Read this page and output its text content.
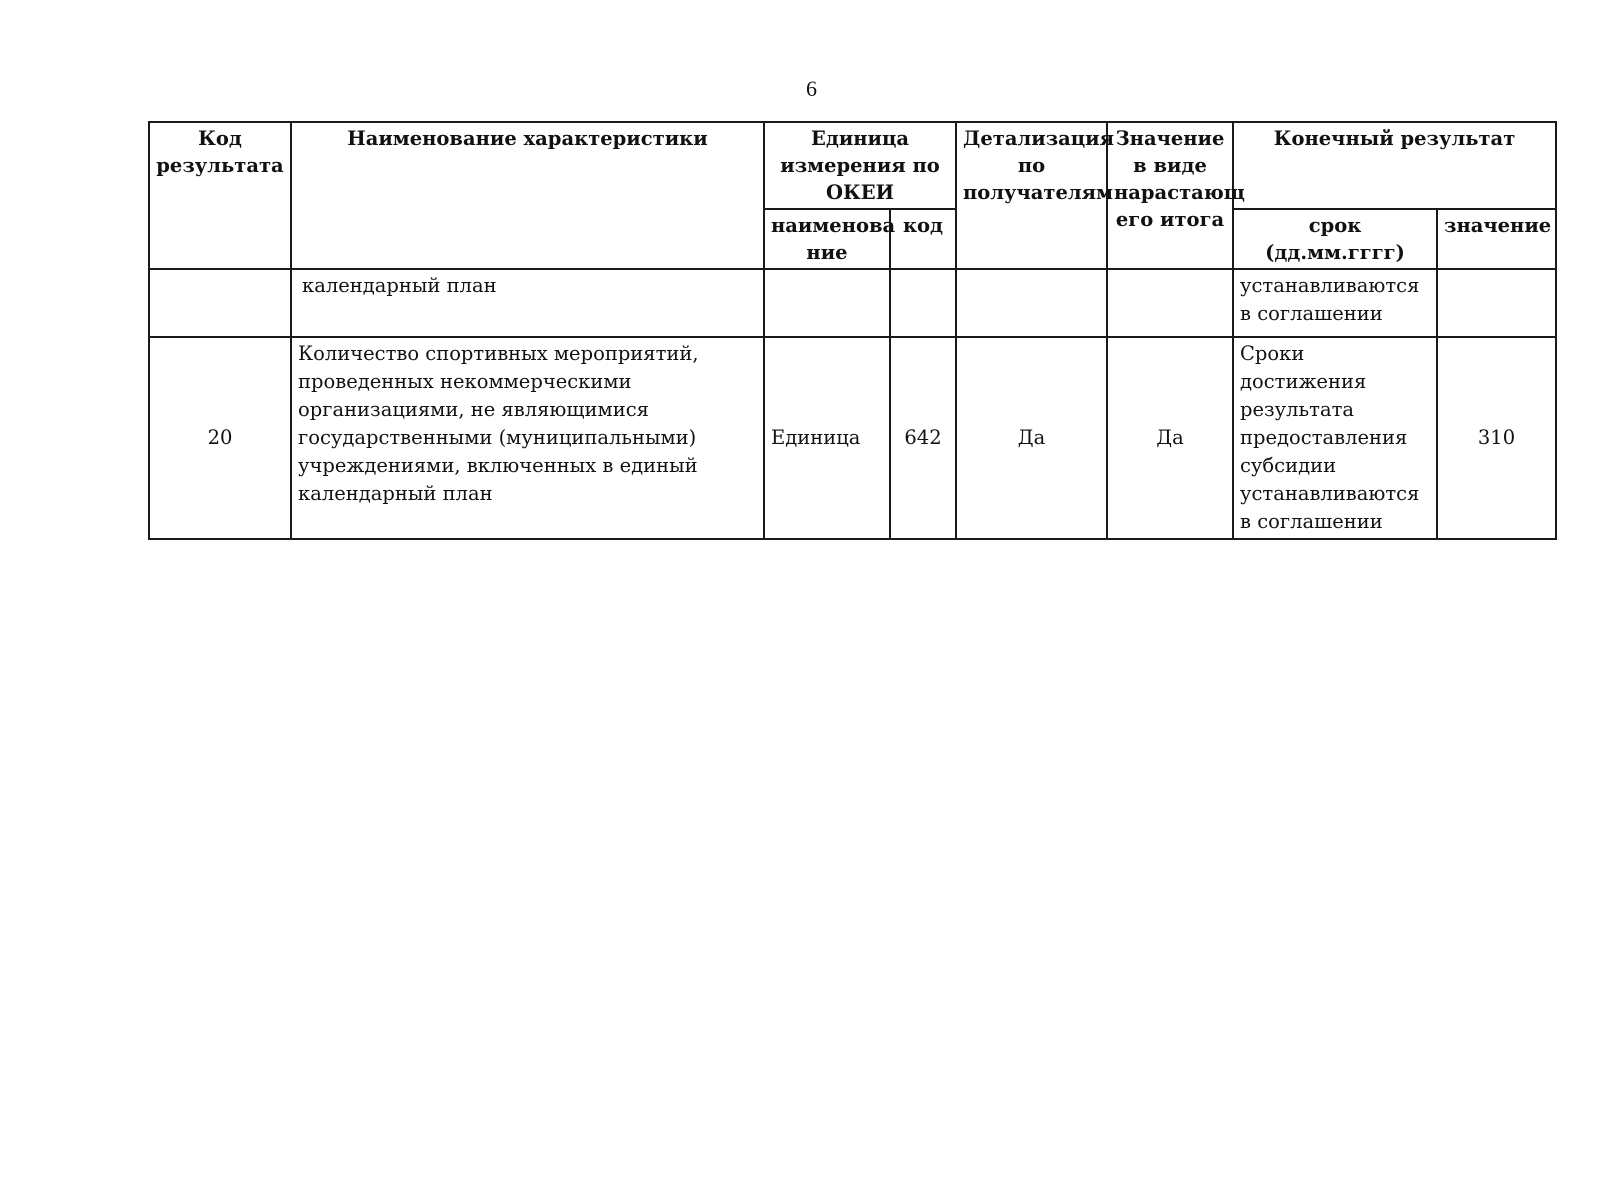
6
Код результата	Наименование характеристики	Единица измерения по ОКЕИ		Детализация по получателям	Значение в виде нарастающ его итога	Конечный результат	
		наименова ние	код			срок (дд.мм.гггг)	значение
	календарный план					устанавливаются в соглашении	
20	Количество спортивных мероприятий, проведенных некоммерческими организациями, не являющимися государственными (муниципальными) учреждениями, включенных в единый календарный план	Единица	642	Да	Да	Сроки достижения результата предоставления субсидии устанавливаются в соглашении	310
